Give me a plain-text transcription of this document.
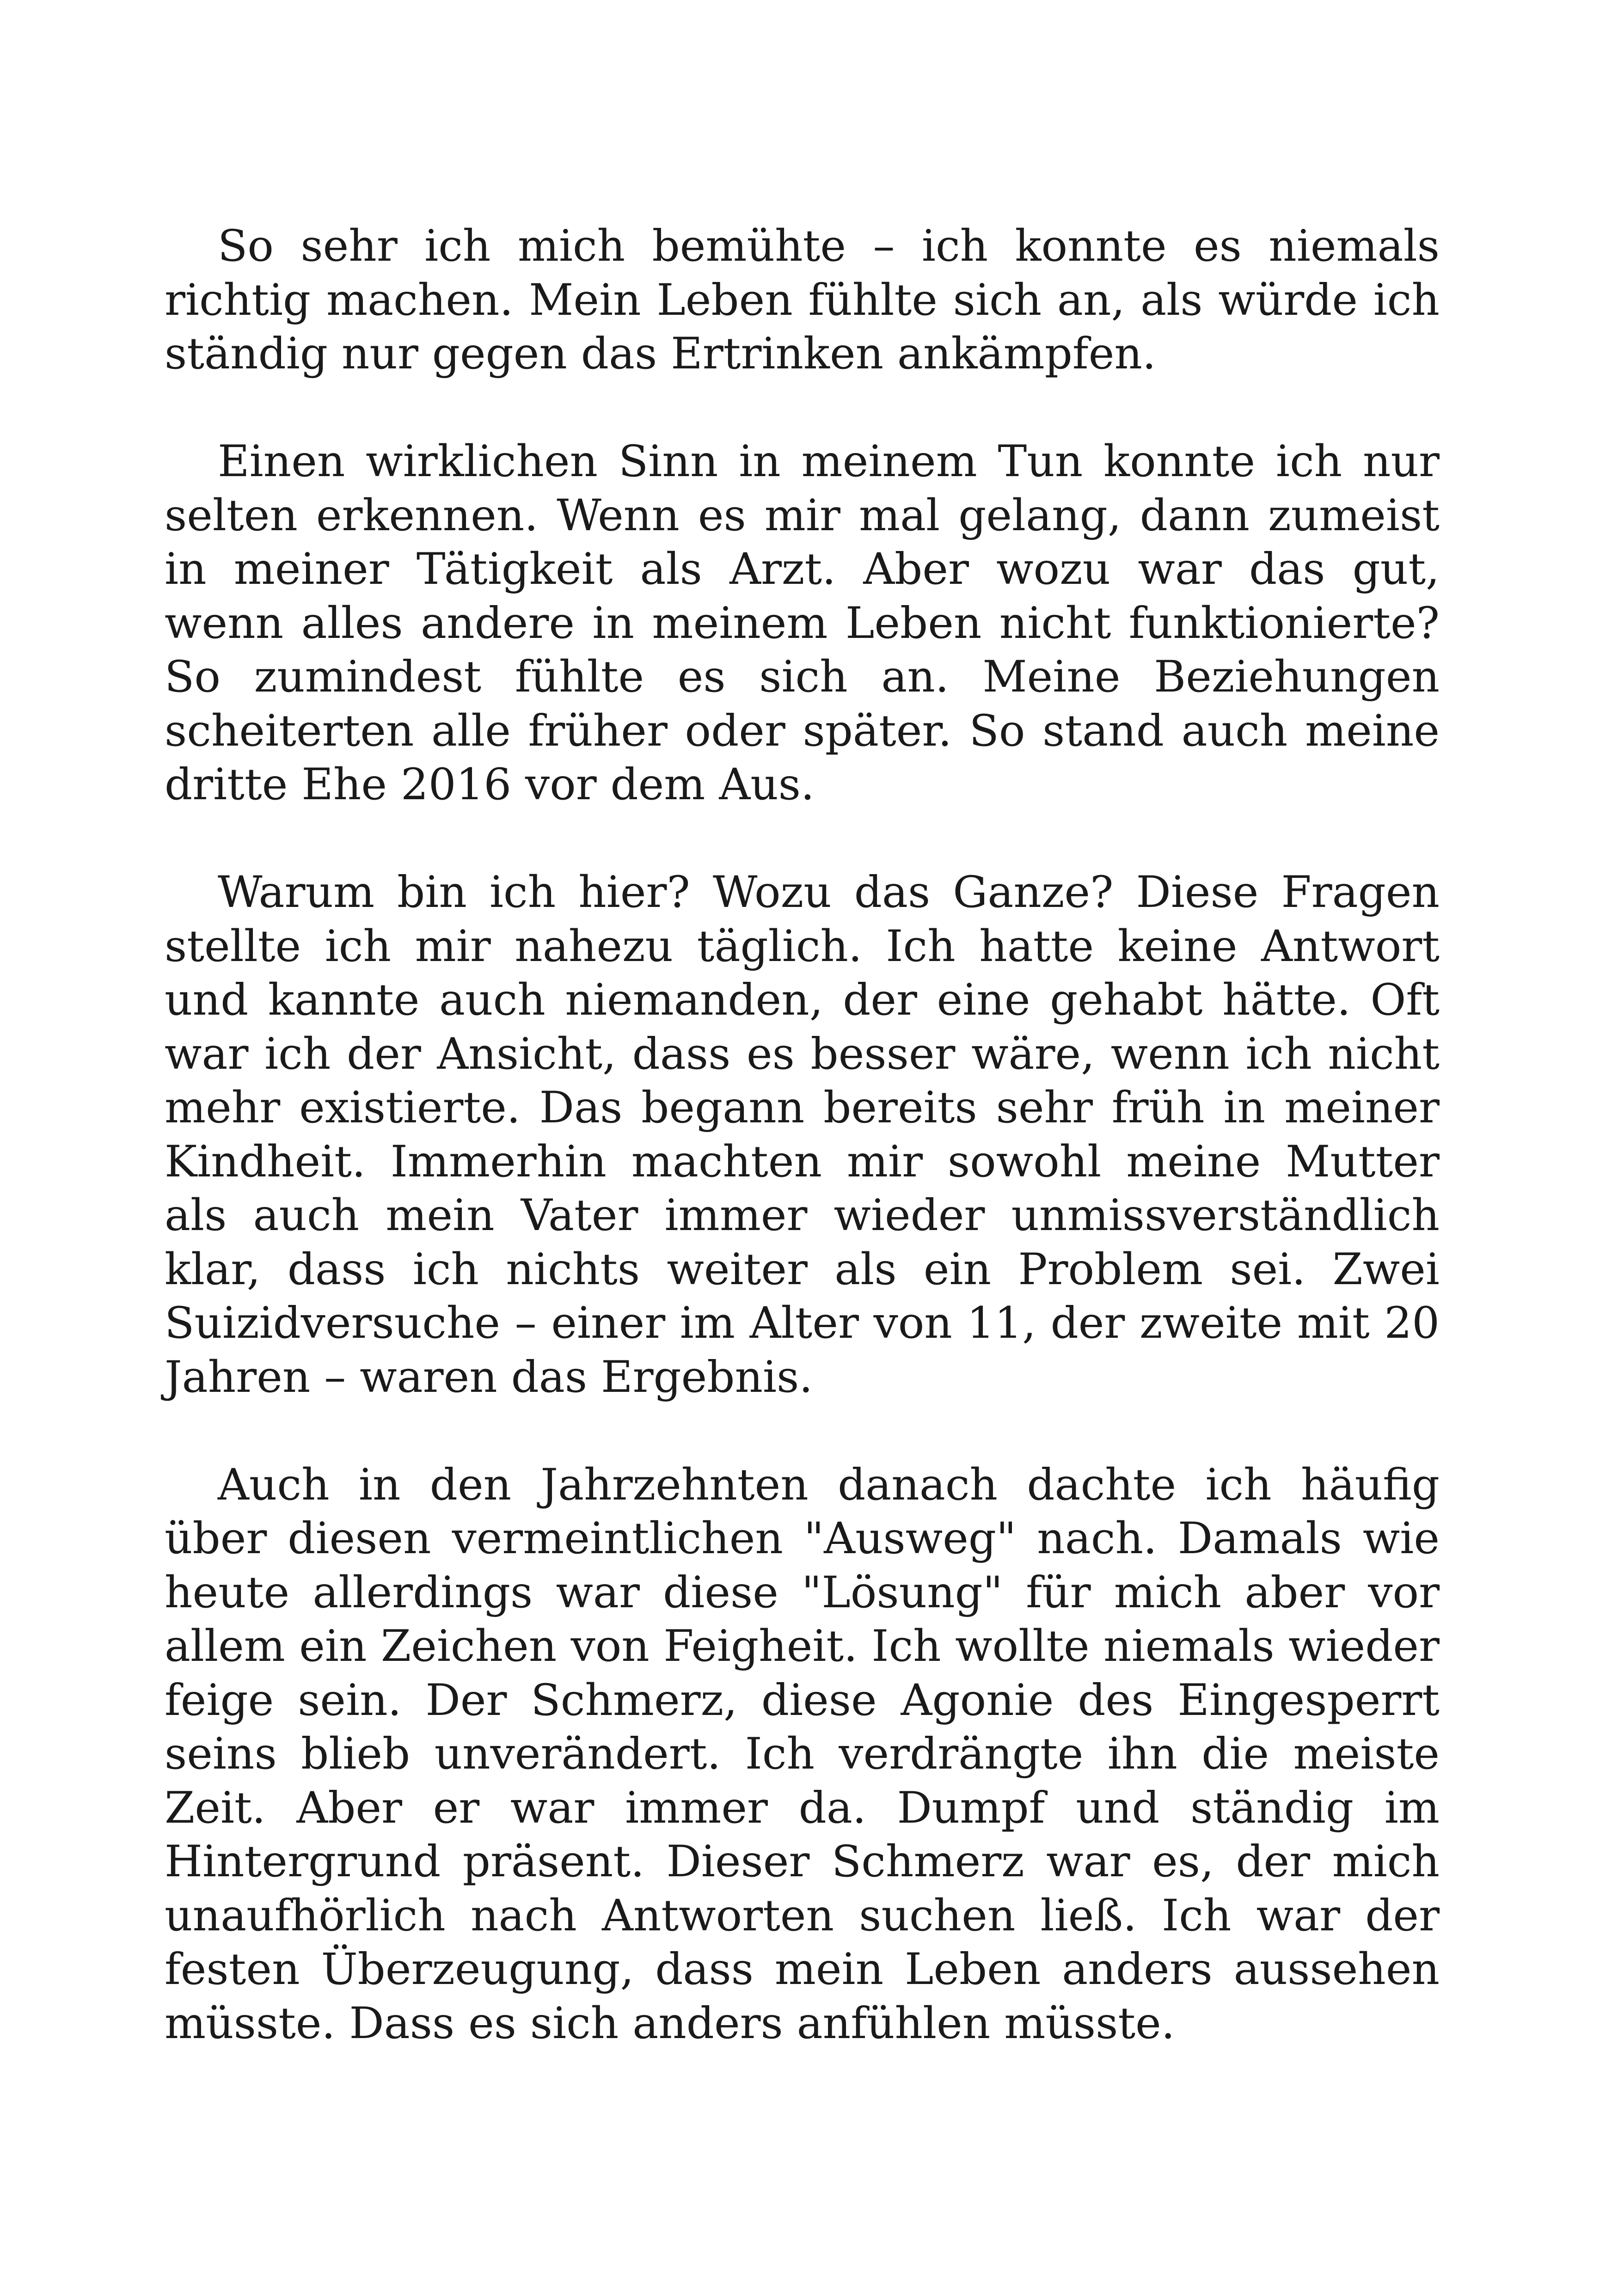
So sehr ich mich bemühte – ich konnte es niemals richtig machen. Mein Leben fühlte sich an, als würde ich ständig nur gegen das Ertrinken ankämpfen.

Einen wirklichen Sinn in meinem Tun konnte ich nur selten erkennen. Wenn es mir mal gelang, dann zumeist in meiner Tätigkeit als Arzt. Aber wozu war das gut, wenn alles andere in meinem Leben nicht funktionierte? So zumindest fühlte es sich an. Meine Beziehungen scheiterten alle früher oder später. So stand auch meine dritte Ehe 2016 vor dem Aus.

Warum bin ich hier? Wozu das Ganze? Diese Fragen stellte ich mir nahezu täglich. Ich hatte keine Antwort und kannte auch niemanden, der eine gehabt hätte. Oft war ich der Ansicht, dass es besser wäre, wenn ich nicht mehr existierte. Das begann bereits sehr früh in meiner Kindheit. Immerhin machten mir sowohl meine Mutter als auch mein Vater immer wieder unmissverständlich klar, dass ich nichts weiter als ein Problem sei. Zwei Suizidversuche – einer im Alter von 11, der zweite mit 20 Jahren – waren das Ergebnis.

Auch in den Jahrzehnten danach dachte ich häufig über diesen vermeintlichen "Ausweg" nach. Damals wie heute allerdings war diese "Lösung" für mich aber vor allem ein Zeichen von Feigheit. Ich wollte niemals wieder feige sein. Der Schmerz, diese Agonie des Eingesperrt seins blieb unverändert. Ich verdrängte ihn die meiste Zeit. Aber er war immer da. Dumpf und ständig im Hintergrund präsent. Dieser Schmerz war es, der mich unaufhörlich nach Antworten suchen ließ. Ich war der festen Überzeugung, dass mein Leben anders aussehen müsste. Dass es sich anders anfühlen müsste.
